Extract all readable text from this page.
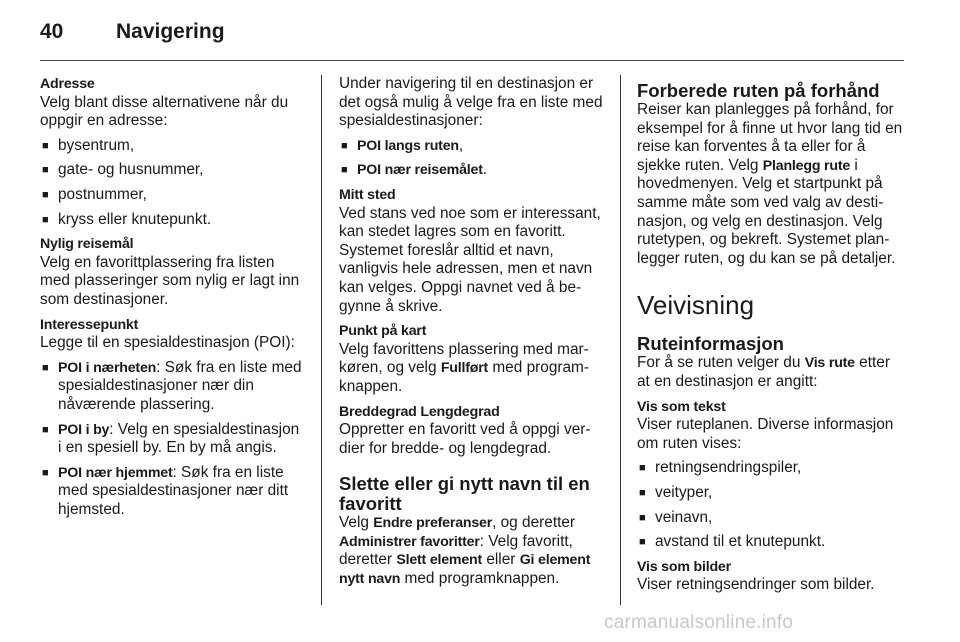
40	Navigering
Adresse

Velg blant disse alternativene når du oppgir en adresse:

■ bysentrum,
■ gate- og husnummer,
■ postnummer,
■ kryss eller knutepunkt.
Nylig reisemål

Velg en favorittplassering fra listen med plasseringer som nylig er lagt inn som destinasjoner.

Interessepunkt

Legge til en spesialdestinasjon (POI):

■ POI i nærheten: Søk fra en liste med spesialdestinasjoner nær din nåværende plassering.
■ POI i by: Velg en spesialdestinasjon i en spesiell by. En by må angis.
■ POI nær hjemmet: Søk fra en liste med spesialdestinasjoner nær ditt hjemsted.

Under navigering til en destinasjon er det også mulig å velge fra en liste med spesialdestinasjoner:

■ POI langs ruten,
■ POI nær reisemålet.
Mitt sted

Ved stans ved noe som er interessant, kan stedet lagres som en favoritt. Systemet foreslår alltid et navn, vanligvis hele adressen, men et navn kan velges. Oppgi navnet ved å begynne å skrive.

Punkt på kart

Velg favorittens plassering med markøren, og velg Fullført med programknappen.

Breddegrad Lengdegrad

Oppretter en favoritt ved å oppgi verdier for bredde- og lengdegrad.

Slette eller gi nytt navn til en favoritt

Velg Endre preferanser, og deretter Administrer favoritter: Velg favoritt, deretter Slett element eller Gi element nytt navn med programknappen.

Forberede ruten på forhånd

Reiser kan planlegges på forhånd, for eksempel for å finne ut hvor lang tid en reise kan forventes å ta eller for å sjekke ruten. Velg Planlegg rute i hovedmenyen. Velg et startpunkt på samme måte som ved valg av destinasjon, og velg en destinasjon. Velg rutetypen, og bekreft. Systemet planlegger ruten, og du kan se på detaljer.

Veivisning
Ruteinformasjon

For å se ruten velger du Vis rute etter at en destinasjon er angitt:

Vis som tekst

Viser ruteplanen. Diverse informasjon om ruten vises:

■ retningsendringspiler,
■ veityper,
■ veinavn,
■ avstand til et knutepunkt.
Vis som bilder

Viser retningsendringer som bilder.

carmanualsonline.info
